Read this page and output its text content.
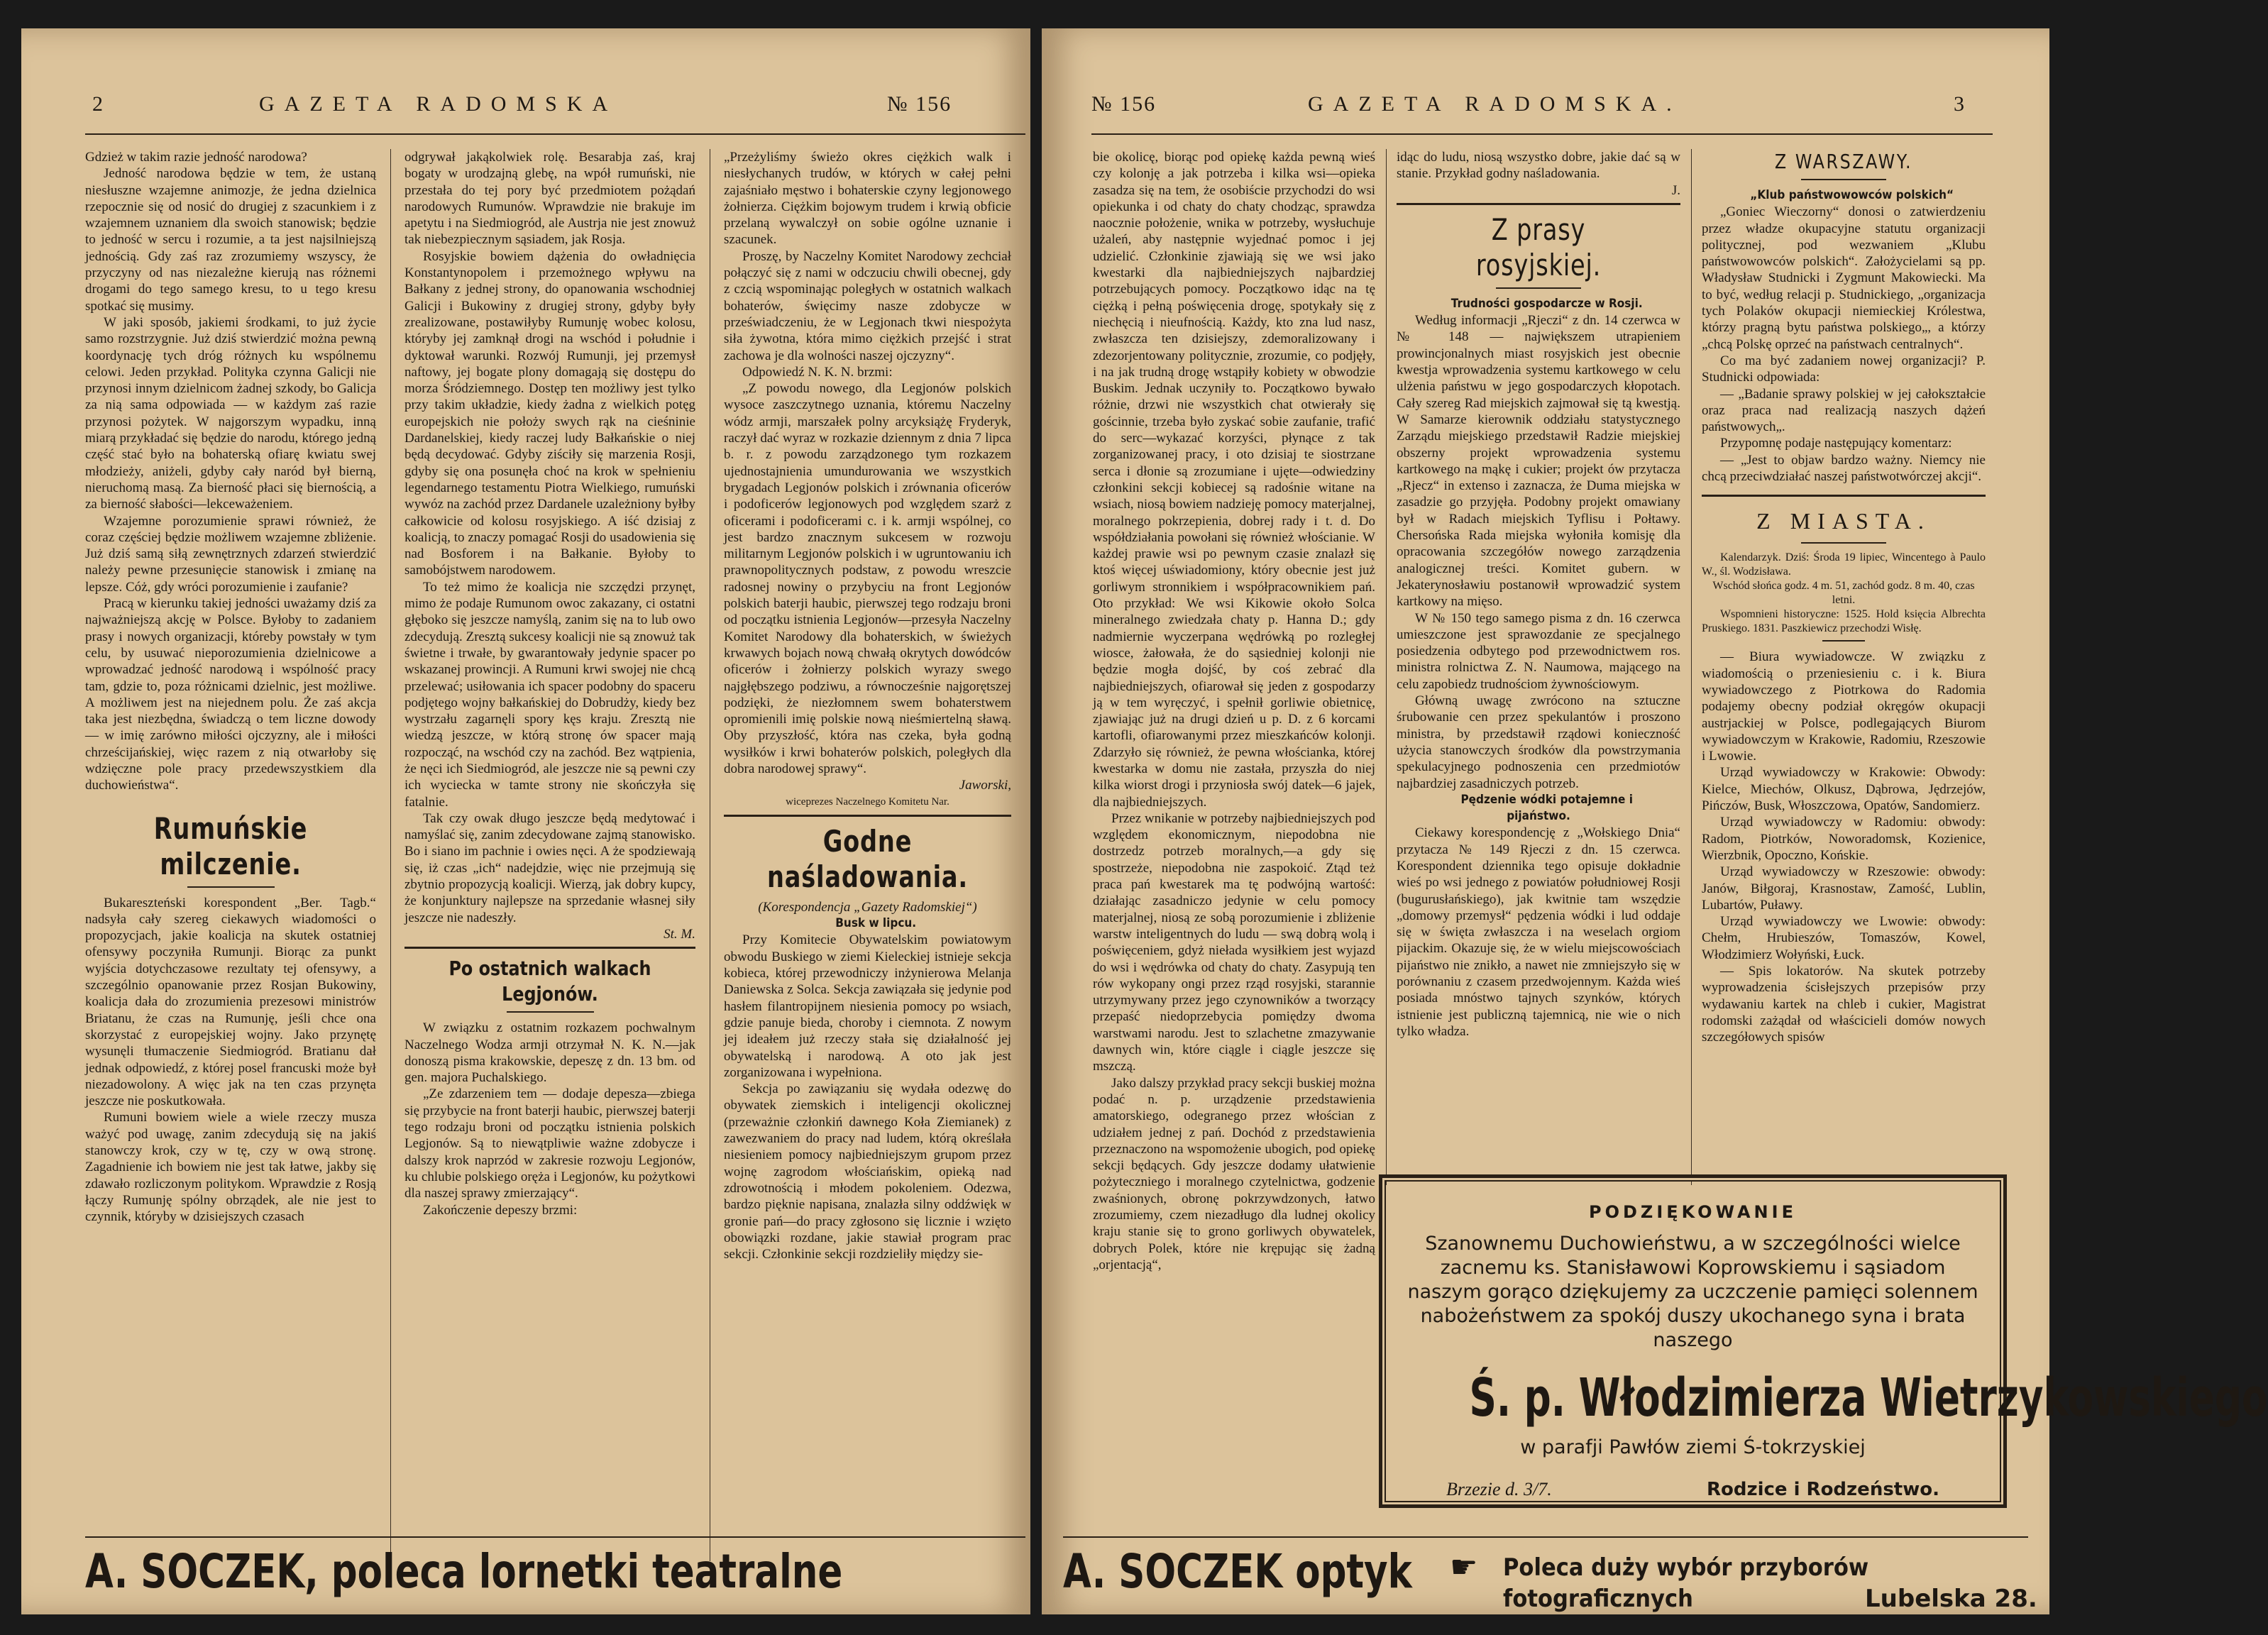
2	GAZETA RADOMSKA	№ 156

Gdzież w takim razie jedność narodowa?

Jedność narodowa będzie w tem, że ustaną niesłuszne wzajemne animozje, że jedna dzielnica rzepocznie się od nosić do drugiej z szacunkiem i z wzajemnem uznaniem dla swoich stanowisk; będzie to jedność w sercu i rozumie, a ta jest najsilniejszą jednością. Gdy zaś raz zrozumiemy wszyscy, że przyczyny od nas niezależne kierują nas różnemi drogami do tego samego kresu, to u tego kresu spotkać się musimy.

W jaki sposób, jakiemi środkami, to już życie samo rozstrzygnie. Już dziś stwierdzić można pewną koordynację tych dróg różnych ku wspólnemu celowi. Jeden przykład. Polityka czynna Galicji nie przynosi innym dzielnicom żadnej szkody, bo Galicja za nią sama odpowiada — w każdym zaś razie przynosi pożytek. W najgorszym wypadku, inną miarą przykładać się będzie do narodu, którego jedną część stać było na bohaterską ofiarę kwiatu swej młodzieży, aniżeli, gdyby cały naród był bierną, nieruchomą masą. Za bierność płaci się biernością, a za bierność słabości—lekceważeniem.

Wzajemne porozumienie sprawi również, że coraz częściej będzie możliwem wzajemne zbliżenie. Już dziś samą siłą zewnętrznych zdarzeń stwierdzić należy pewne przesunięcie stanowisk i zmianę na lepsze. Cóż, gdy wróci porozumienie i zaufanie?

Pracą w kierunku takiej jedności uważamy dziś za najważniejszą akcję w Polsce. Byłoby to zadaniem prasy i nowych organizacji, któreby powstały w tym celu, by usuwać nieporozumienia dzielnicowe a wprowadzać jedność narodową i wspólność pracy tam, gdzie to, poza różnicami dzielnic, jest możliwe. A możliwem jest na niejednem polu. Że zaś akcja taka jest niezbędna, świadczą o tem liczne dowody — w imię zarówno miłości ojczyzny, ale i miłości chrześcijańskiej, więc razem z nią otwarłoby się wdzięczne pole pracy przedewszystkiem dla duchowieństwa“.

Rumuńskie milczenie.

Bukareszteński korespondent „Ber. Tagb.“ nadsyła cały szereg ciekawych wiadomości o propozycjach, jakie koalicja na skutek ostatniej ofensywy poczyniła Rumunji. Biorąc za punkt wyjścia dotychczasowe rezultaty tej ofensywy, a szczególnio opanowanie przez Rosjan Bukowiny, koalicja dała do zrozumienia prezesowi ministrów Briatanu, że czas na Rumunję, jeśli chce ona skorzystać z europejskiej wojny. Jako przynętę wysunęli tłumaczenie Siedmiogród. Bratianu dał jednak odpowiedź, z której posel francuski może był niezadowolony. A więc jak na ten czas przynęta jeszcze nie poskutkowała.

Rumuni bowiem wiele a wiele rzeczy musza ważyć pod uwagę, zanim zdecydują się na jakiś stanowczy krok, czy w tę, czy w ową stronę. Zagadnienie ich bowiem nie jest tak łatwe, jakby się zdawało rozliczonym politykom. Wprawdzie z Rosją łączy Rumunję spólny obrządek, ale nie jest to czynnik, któryby w dzisiejszych czasach

odgrywał jakąkolwiek rolę. Besarabja zaś, kraj bogaty w urodzajną glebę, na wpół rumuński, nie przestała do tej pory być przedmiotem pożądań narodowych Rumunów. Wprawdzie nie brakuje im apetytu i na Siedmiogród, ale Austrja nie jest znowuż tak niebezpiecznym sąsiadem, jak Rosja.

Rosyjskie bowiem dążenia do owładnięcia Konstantynopolem i przemożnego wpływu na Bałkany z jednej strony, do opanowania wschodniej Galicji i Bukowiny z drugiej strony, gdyby były zrealizowane, postawiłyby Rumunję wobec kolosu, któryby jej zamknął drogi na wschód i południe i dyktował warunki. Rozwój Rumunji, jej przemysł naftowy, jej bogate plony domagają się dostępu do morza Śródziemnego. Dostęp ten możliwy jest tylko przy takim układzie, kiedy żadna z wielkich potęg europejskich nie położy swych rąk na cieśninie Dardanelskiej, kiedy raczej ludy Bałkańskie o niej będą decydować. Gdyby ziściły się marzenia Rosji, gdyby się ona posunęła choć na krok w spełnieniu legendarnego testamentu Piotra Wielkiego, rumuński wywóz na zachód przez Dardanele uzależniony byłby całkowicie od kolosu rosyjskiego. A iść dzisiaj z koalicją, to znaczy pomagać Rosji do usadowienia się nad Bosforem i na Bałkanie. Byłoby to samobójstwem narodowem.

To też mimo że koalicja nie szczędzi przynęt, mimo że podaje Rumunom owoc zakazany, ci ostatni głęboko się jeszcze namyślą, zanim się na to lub owo zdecydują. Zresztą sukcesy koalicji nie są znowuż tak świetne i trwałe, by gwarantowały jedynie spacer po wskazanej prowincji. A Rumuni krwi swojej nie chcą przelewać; usiłowania ich spacer podobny do spaceru podjętego wojny bałkańskiej do Dobrudży, kiedy bez wystrzału zagarnęli spory kęs kraju. Zresztą nie wiedzą jeszcze, w którą stronę ów spacer mają rozpocząć, na wschód czy na zachód. Bez wątpienia, że nęci ich Siedmiogród, ale jeszcze nie są pewni czy ich wyciecka w tamte strony nie skończyła się fatalnie.

Tak czy owak długo jeszcze będą medytować i namyślać się, zanim zdecydowane zajmą stanowisko. Bo i siano im pachnie i owies nęci. A że spodziewają się, iż czas „ich“ nadejdzie, więc nie przejmują się zbytnio propozycją koalicji. Wierzą, jak dobry kupcy, że konjunktury najlepsze na sprzedanie własnej siły jeszcze nie nadeszły.

St. M.

Po ostatnich walkach Legjonów.

W związku z ostatnim rozkazem pochwalnym Naczelnego Wodza armji otrzymał N. K. N.—jak donoszą pisma krakowskie, depeszę z dn. 13 bm. od gen. majora Puchalskiego.

„Ze zdarzeniem tem — dodaje depesza—zbiega się przybycie na front baterji haubic, pierwszej baterji tego rodzaju broni od początku istnienia polskich Legjonów. Są to niewątpliwie ważne zdobycze i dalszy krok naprzód w zakresie rozwoju Legjonów, ku chlubie polskiego oręża i Legjonów, ku pożytkowi dla naszej sprawy zmierzający“.

Zakończenie depeszy brzmi:

„Przeżyliśmy świeżo okres ciężkich walk i niesłychanych trudów, w których w całej pełni zajaśniało męstwo i bohaterskie czyny legjonowego żołnierza. Ciężkim bojowym trudem i krwią obficie przelaną wywalczył on sobie ogólne uznanie i szacunek.

Proszę, by Naczelny Komitet Narodowy zechciał połączyć się z nami w odczuciu chwili obecnej, gdy z czcią wspominając poległych w ostatnich walkach bohaterów, święcimy nasze zdobycze w przeświadczeniu, że w Legjonach tkwi niespożyta siła żywotna, która mimo ciężkich przejść i strat zachowa je dla wolności naszej ojczyzny“.

Odpowiedź N. K. N. brzmi:

„Z powodu nowego, dla Legjonów polskich wysoce zaszczytnego uznania, któremu Naczelny wódz armji, marszałek polny arcyksiążę Fryderyk, raczył dać wyraz w rozkazie dziennym z dnia 7 lipca b. r. z powodu zarządzonego tym rozkazem ujednostajnienia umundurowania we wszystkich brygadach Legjonów polskich i zrównania oficerów i podoficerów legjonowych pod względem szarż z oficerami i podoficerami c. i k. armji wspólnej, co jest bardzo znacznym sukcesem w rozwoju militarnym Legjonów polskich i w ugruntowaniu ich prawnopolitycznych podstaw, z powodu wreszcie radosnej nowiny o przybyciu na front Legjonów polskich baterji haubic, pierwszej tego rodzaju broni od początku istnienia Legjonów—przesyła Naczelny Komitet Narodowy dla bohaterskich, w świeżych krwawych bojach nową chwałą okrytych dowódców oficerów i żołnierzy polskich wyrazy swego najgłębszego podziwu, a równocześnie najgorętszej podzięki, że niezłomnem swem bohaterstwem opromienili imię polskie nową nieśmiertelną sławą. Oby przyszłość, która nas czeka, była godną wysiłków i krwi bohaterów polskich, poległych dla dobra narodowej sprawy“.

Jaworski,

wiceprezes Naczelnego Komitetu Nar.

Godne naśladowania.

(Korespondencja „Gazety Radomskiej“)

Busk w lipcu.

Przy Komitecie Obywatelskim powiatowym obwodu Buskiego w ziemi Kieleckiej istnieje sekcja kobieca, której przewodniczy inżynierowa Melanja Daniewska z Solca. Sekcja zawiązała się jedynie pod hasłem filantropijnem niesienia pomocy po wsiach, gdzie panuje bieda, choroby i ciemnota. Z nowym jej ideałem już rzeczy stała się działalność jej obywatelską i narodową. A oto jak jest zorganizowana i wypełniona.

Sekcja po zawiązaniu się wydała odezwę do obywatek ziemskich i inteligencji okolicznej (przeważnie członkiń dawnego Koła Ziemianek) z zawezwaniem do pracy nad ludem, którą określała niesieniem pomocy najbiedniejszym grupom przez wojnę zagrodom włościańskim, opieką nad zdrowotnością i młodem pokoleniem. Odezwa, bardzo pięknie napisana, znalazła silny oddźwięk w gronie pań—do pracy zgłosono się licznie i wzięto obowiązki rozdane, jakie stawiał program prac sekcji. Członkinie sekcji rozdzieliły między sie-

A. SOCZEK, poleca lornetki teatralne
№ 156	GAZETA RADOMSKA.	3

bie okolicę, biorąc pod opiekę każda pewną wieś czy kolonję a jak potrzeba i kilka wsi—opieka zasadza się na tem, że osobiście przychodzi do wsi opiekunka i od chaty do chaty chodząc, sprawdza naocznie położenie, wnika w potrzeby, wysłuchuje użaleń, aby następnie wyjednać pomoc i jej udzielić. Członkinie zjawiają się we wsi jako kwestarki dla najbiedniejszych najbardziej potrzebujących pomocy. Początkowo idąc na tę ciężką i pełną poświęcenia drogę, spotykały się z niechęcią i nieufnością. Każdy, kto zna lud nasz, zwłaszcza ten dzisiejszy, zdemoralizowany i zdezorjentowany politycznie, zrozumie, co podjęły, i na jak trudną drogę wstąpiły kobiety w obwodzie Buskim. Jednak uczyniły to. Początkowo bywało różnie, drzwi nie wszystkich chat otwierały się gościnnie, trzeba było zyskać sobie zaufanie, trafić do serc—wykazać korzyści, płynące z tak zorganizowanej pracy, i oto dzisiaj te siostrzane serca i dłonie są zrozumiane i ujęte—odwiedziny członkini sekcji kobiecej są radośnie witane na wsiach, niosą bowiem nadzieję pomocy materjalnej, moralnego pokrzepienia, dobrej rady i t. d. Do współdziałania powołani się również włościanie. W każdej prawie wsi po pewnym czasie znalazł się ktoś więcej uświadomiony, który obecnie jest już gorliwym stronnikiem i współpracownikiem pań. Oto przykład: We wsi Kikowie około Solca mineralnego zwiedzała chaty p. Hanna D.; gdy nadmiernie wyczerpana wędrówką po rozległej wiosce, żałowała, że do sąsiedniej kolonji nie będzie mogła dojść, by coś zebrać dla najbiedniejszych, ofiarował się jeden z gospodarzy ją w tem wyręczyć, i spełnił gorliwie obietnicę, zjawiając już na drugi dzień u p. D. z 6 korcami kartofli, ofiarowanymi przez mieszkańców kolonji. Zdarzyło się również, że pewna włościanka, której kwestarka w domu nie zastała, przyszła do niej kilka wiorst drogi i przyniosła swój datek—6 jajek, dla najbiedniejszych.

Przez wnikanie w potrzeby najbiedniejszych pod względem ekonomicznym, niepodobna nie dostrzedz potrzeb moralnych,—a gdy się spostrzeże, niepodobna nie zaspokoić. Ztąd też praca pań kwestarek ma tę podwójną wartość: działając zasadniczo jedynie w celu pomocy materjalnej, niosą ze sobą porozumienie i zbliżenie warstw inteligentnych do ludu — swą dobrą wolą i poświęceniem, gdyż niełada wysiłkiem jest wyjazd do wsi i wędrówka od chaty do chaty. Zasypują ten rów wykopany ongi przez rząd rosyjski, starannie utrzymywany przez jego czynowników a tworzący przepaść niedoprzebycia pomiędzy dwoma warstwami narodu. Jest to szlachetne zmazywanie dawnych win, które ciągle i ciągle jeszcze się mszczą.

Jako dalszy przykład pracy sekcji buskiej można podać n. p. urządzenie przedstawienia amatorskiego, odegranego przez włościan z udziałem jednej z pań. Dochód z przedstawienia przeznaczono na wspomożenie ubogich, pod opiekę sekcji będących. Gdy jeszcze dodamy ułatwienie pożyteczniego i moralnego czytelnictwa, godzenie zwaśnionych, obronę pokrzywdzonych, łatwo zrozumiemy, czem niezadługo dla ludnej okolicy kraju stanie się to grono gorliwych obywatelek, dobrych Polek, które nie krępując się żadną „orjentacją“,

idąc do ludu, niosą wszystko dobre, jakie dać są w stanie. Przykład godny naśladowania.

J.

Z prasy rosyjskiej.

Trudności gospodarcze w Rosji.

Według informacji „Rjeczi“ z dn. 14 czerwca w № 148 — największem utrapieniem prowincjonalnych miast rosyjskich jest obecnie kwestja wprowadzenia systemu kartkowego w celu ulżenia państwu w jego gospodarczych kłopotach. Cały szereg Rad miejskich zajmował się tą kwestją. W Samarze kierownik oddziału statystycznego Zarządu miejskiego przedstawił Radzie miejskiej obszerny projekt wprowadzenia systemu kartkowego na mąkę i cukier; projekt ów przytacza „Rjecz“ in extenso i zaznacza, że Duma miejska w zasadzie go przyjęła. Podobny projekt omawiany był w Radach miejskich Tyflisu i Połtawy. Chersońska Rada miejska wyłoniła komisję dla opracowania szczegółów nowego zarządzenia analogicznej treści. Komitet gubern. w Jekaterynosławiu postanowił wprowadzić system kartkowy na mięso.

W № 150 tego samego pisma z dn. 16 czerwca umieszczone jest sprawozdanie ze specjalnego posiedzenia odbytego pod przewodnictwem ros. ministra rolnictwa Z. N. Naumowa, mającego na celu zapobiedz trudnościom żywnościowym.

Główną uwagę zwrócono na sztuczne śrubowanie cen przez spekulantów i proszono ministra, by przedstawił rządowi konieczność użycia stanowczych środków dla powstrzymania spekulacyjnego podnoszenia cen przedmiotów najbardziej zasadniczych potrzeb.

Pędzenie wódki potajemne i pijaństwo.

Ciekawy korespondencję z „Wołskiego Dnia“ przytacza № 149 Rjeczi z dn. 15 czerwca. Korespondent dziennika tego opisuje dokładnie wieś po wsi jednego z powiatów południowej Rosji (bugurusłańskiego), jak kwitnie tam wszędzie „domowy przemysł“ pędzenia wódki i lud oddaje się w święta zwłaszcza i na weselach orgiom pijackim. Okazuje się, że w wielu miejscowościach pijaństwo nie znikło, a nawet nie zmniejszyło się w porównaniu z czasem przedwojennym. Każda wieś posiada mnóstwo tajnych szynków, których istnienie jest publiczną tajemnicą, nie wie o nich tylko władza.

Z WARSZAWY.

„Klub państwowowców polskich“

„Goniec Wieczorny“ donosi o zatwierdzeniu przez władze okupacyjne statutu organizacji politycznej, pod wezwaniem „Klubu państwowowców polskich“. Założycielami są pp. Władysław Studnicki i Zygmunt Makowiecki. Ma to być, według relacji p. Studnickiego, „organizacja tych Polaków okupacji niemieckiej Królestwa, którzy pragną bytu państwa polskiego„, a którzy „chcą Polskę oprzeć na państwach centralnych“.

Co ma być zadaniem nowej organizacji? P. Studnicki odpowiada:

— „Badanie sprawy polskiej w jej całokształcie oraz praca nad realizacją naszych dążeń państwowych„.

Przypomnę podaje następujący komentarz:

— „Jest to objaw bardzo ważny. Niemcy nie chcą przeciwdziałać naszej państwotwórczej akcji“.

Z MIASTA.

Kalendarzyk. Dziś: Środa 19 lipiec, Wincentego à Paulo W., śl. Wodzisława.

Wschód słońca godz. 4 m. 51, zachód godz. 8 m. 40, czas letni.

Wspomnieni historyczne: 1525. Hold księcia Albrechta Pruskiego. 1831. Paszkiewicz przechodzi Wisłę.

— Biura wywiadowcze. W związku z wiadomością o przeniesieniu c. i k. Biura wywiadowczego z Piotrkowa do Radomia podajemy obecny podział okręgów okupacji austrjackiej w Polsce, podlegających Biurom wywiadowczym w Krakowie, Radomiu, Rzeszowie i Lwowie.

Urząd wywiadowczy w Krakowie: Obwody: Kielce, Miechów, Olkusz, Dąbrowa, Jędrzejów, Pińczów, Busk, Włoszczowa, Opatów, Sandomierz.

Urząd wywiadowczy w Radomiu: obwody: Radom, Piotrków, Noworadomsk, Kozienice, Wierzbnik, Opoczno, Końskie.

Urząd wywiadowczy w Rzeszowie: obwody: Janów, Biłgoraj, Krasnostaw, Zamość, Lublin, Lubartów, Puławy.

Urząd wywiadowczy we Lwowie: obwody: Chełm, Hrubieszów, Tomaszów, Kowel, Włodzimierz Wołyński, Łuck.

— Spis lokatorów. Na skutek potrzeby wyprowadzenia ścisłejszych przepisów przy wydawaniu kartek na chleb i cukier, Magistrat rodomski zażądał od właścicieli domów nowych szczegółowych spisów

PODZIĘKOWANIE
Szanownemu Duchowieństwu, a w szczególności wielce zacnemu ks. Stanisławowi Koprowskiemu i sąsiadom naszym gorąco dziękujemy za uczczenie pamięci solennem nabożeństwem za spokój duszy ukochanego syna i brata naszego
Ś. p. Włodzimierza Wietrzykowskiego
w parafji Pawłów ziemi Ś-tokrzyskiej
Brzezie d. 3/7.	Rodzice i Rodzeństwo.
A. SOCZEK optyk ☛ Poleca duży wybór przyborów fotograficznych	Lubelska 28.
